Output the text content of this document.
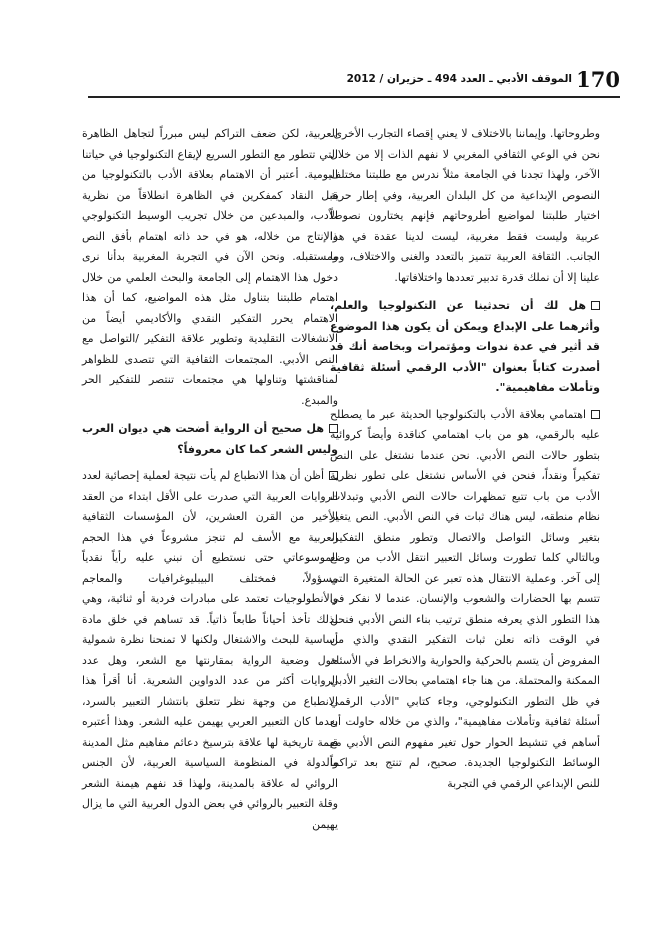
170
الموقف الأدبي ـ العدد 494 ـ حزيران / 2012

وطروحاتها. وإيماننا بالاختلاف لا يعني إقصاء التجارب الأخرى. نحن في الوعي الثقافي المغربي لا نفهم الذات إلا من خلال الآخر، ولهذا تجدنا في الجامعة مثلاً ندرس مع طلبتنا مختلف النصوص الإبداعية من كل البلدان العربية، وفي إطار حرية اختيار طلبتنا لمواضيع أطروحاتهم فإنهم يختارون نصوصاً عربية وليست فقط مغربية، ليست لدينا عقدة في هذا الجانب. الثقافة العربية تتميز بالتعدد والغنى والاختلاف، وما علينا إلا أن نملك قدرة تدبير تعددها واختلافاتها.

هل لك أن تحدثينا عن التكنولوجيا والعلم، وأثرهما على الإبداع ويمكن أن يكون هذا الموضوع قد أثير في عدة ندوات ومؤتمرات وبخاصة أنك قد أصدرت كتاباً بعنوان "الأدب الرقمي أسئلة ثقافية وتأملات مفاهيمية".

اهتمامي بعلاقة الأدب بالتكنولوجيا الحديثة عبر ما يصطلح عليه بالرقمي، هو من باب اهتمامي كناقدة وأيضاً كروائية بتطور حالات النص الأدبي. نحن عندما نشتغل على النص تفكيراً ونقداً، فنحن في الأساس نشتغل على تطور نظرية الأدب من باب تتبع تمظهرات حالات النص الأدبي وتبدلات نظام منطقه، ليس هناك ثبات في النص الأدبي. النص يتغير بتغير وسائل التواصل والاتصال وتطور منطق التفكير، وبالتالي كلما تطورت وسائل التعبير انتقل الأدب من وضع إلى آخر. وعملية الانتقال هذه تعبر عن الحالة المتغيرة التي تتسم بها الحضارات والشعوب والإنسان. عندما لا نفكر في هذا التطور الذي يعرفه منطق ترتيب بناء النص الأدبي فنحن في الوقت ذاته نعلن ثبات التفكير النقدي والذي من المفروض أن يتسم بالحركية والحوارية والانخراط في الأسئلة الممكنة والمحتملة. من هنا جاء اهتمامي بحالات التغير الأدبي في ظل التطور التكنولوجي، وجاء كتابي "الأدب الرقمي أسئلة ثقافية وتأملات مفاهيمية"، والذي من خلاله حاولت أن أساهم في تنشيط الحوار حول تغير مفهوم النص الأدبي مع الوسائط التكنولوجيا الجديدة. صحيح، لم تنتج بعد تراكماً للنص الإبداعي الرقمي في التجربة

العربية، لكن ضعف التراكم ليس مبرراً لتجاهل الظاهرة التي تتطور مع التطور السريع لإيقاع التكنولوجيا في حياتنا اليومية. أعتبر أن الاهتمام بعلاقة الأدب بالتكنولوجيا من قبل النقاد كمفكرين في الظاهرة انطلاقاً من نظرية الأدب، والمبدعين من خلال تجريب الوسيط التكنولوجي والإنتاج من خلاله، هو في حد ذاته اهتمام بأفق النص ومستقبله. ونحن الآن في التجربة المغربية بدأنا نرى دخول هذا الاهتمام إلى الجامعة والبحث العلمي من خلال اهتمام طلبتنا بتناول مثل هذه المواضيع، كما أن هذا الاهتمام يحرر التفكير النقدي والأكاديمي أيضاً من الانشغالات التقليدية وتطوير علاقة التفكير /التواصل مع النص الأدبي. المجتمعات الثقافية التي تتصدى للظواهر لمناقشتها وتناولها هي مجتمعات تنتصر للتفكير الحر والمبدع.

هل صحيح أن الرواية أضحت هي ديوان العرب وليس الشعر كما كان معروفاً؟

أظن أن هذا الانطباع لم يأت نتيجة لعملية إحصائية لعدد الروايات العربية التي صدرت على الأقل ابتداء من العقد الأخير من القرن العشرين، لأن المؤسسات الثقافية العربية مع الأسف لم تنجز مشروعاً في هذا الحجم الموسوعاتي حتى نستطيع أن نبني عليه رأياً نقدياً مسؤولاً، فمختلف البيبليوغرافيات والمعاجم والأنطولوجيات تعتمد على مبادرات فردية أو ثنائية، وهي لذلك تأخذ أحياناً طابعاً ذاتياً. قد تساهم في خلق مادة أساسية للبحث والاشتغال ولكنها لا تمنحنا نظرة شمولية حول وضعية الرواية بمقارنتها مع الشعر، وهل عدد الروايات أكثر من عدد الدواوين الشعرية. أنا أقرأ هذا الانطباع من وجهة نظر تتعلق بانتشار التعبير بالسرد، بعدما كان التعبير العربي يهيمن عليه الشعر. وهذا أعتبره قيمة تاريخية لها علاقة بترسيخ دعائم مفاهيم مثل المدينة والدولة في المنظومة السياسية العربية، لأن الجنس الروائي له علاقة بالمدينة، ولهذا قد نفهم هيمنة الشعر وقلة التعبير بالروائي في بعض الدول العربية التي ما يزال يهيمن
